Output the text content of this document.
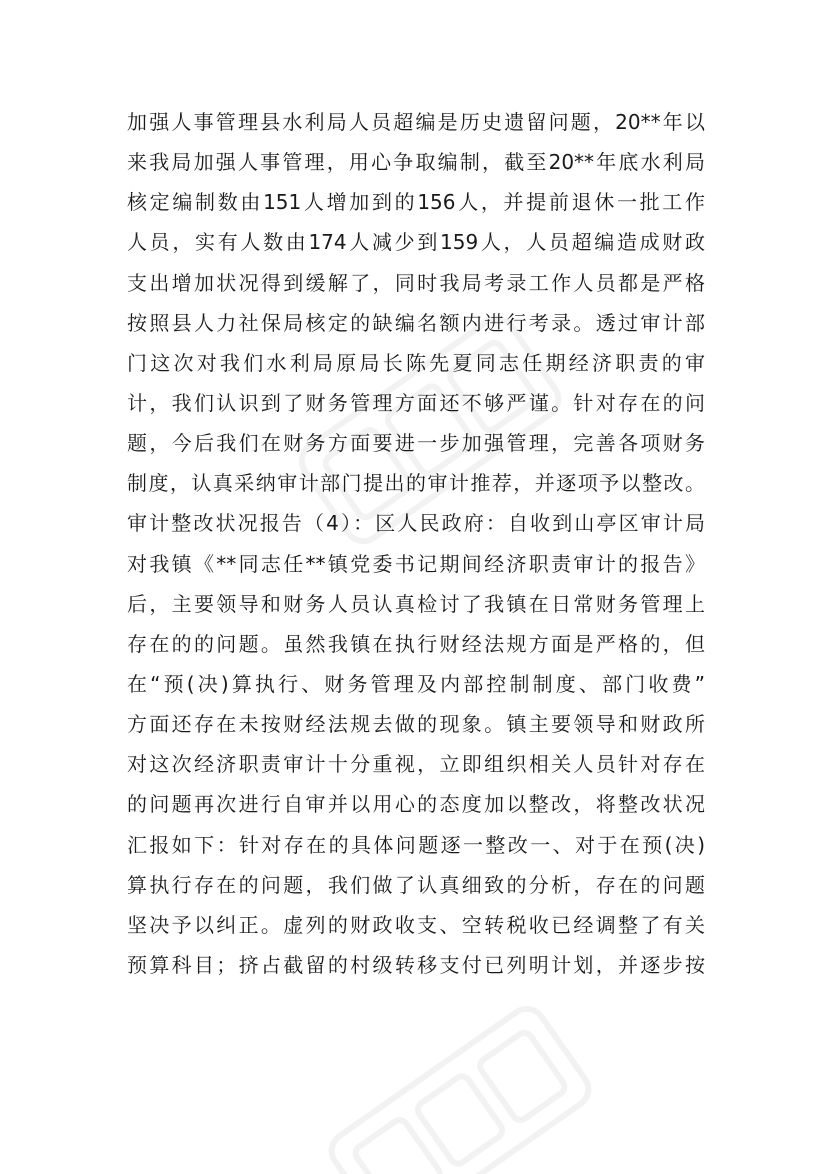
加强人事管理县水利局人员超编是历史遗留问题，20**年以
来我局加强人事管理，用心争取编制，截至20**年底水利局
核定编制数由151人增加到的156人，并提前退休一批工作
人员，实有人数由174人减少到159人，人员超编造成财政
支出增加状况得到缓解了，同时我局考录工作人员都是严格
按照县人力社保局核定的缺编名额内进行考录。透过审计部
门这次对我们水利局原局长陈先夏同志任期经济职责的审
计，我们认识到了财务管理方面还不够严谨。针对存在的问
题，今后我们在财务方面要进一步加强管理，完善各项财务
制度，认真采纳审计部门提出的审计推荐，并逐项予以整改。
审计整改状况报告（4）：区人民政府：自收到山亭区审计局
对我镇《**同志任**镇党委书记期间经济职责审计的报告》
后，主要领导和财务人员认真检讨了我镇在日常财务管理上
存在的的问题。虽然我镇在执行财经法规方面是严格的，但
在“预(决)算执行、财务管理及内部控制制度、部门收费”
方面还存在未按财经法规去做的现象。镇主要领导和财政所
对这次经济职责审计十分重视，立即组织相关人员针对存在
的问题再次进行自审并以用心的态度加以整改，将整改状况
汇报如下：针对存在的具体问题逐一整改一、对于在预(决)
算执行存在的问题，我们做了认真细致的分析，存在的问题
坚决予以纠正。虚列的财政收支、空转税收已经调整了有关
预算科目；挤占截留的村级转移支付已列明计划，并逐步按
